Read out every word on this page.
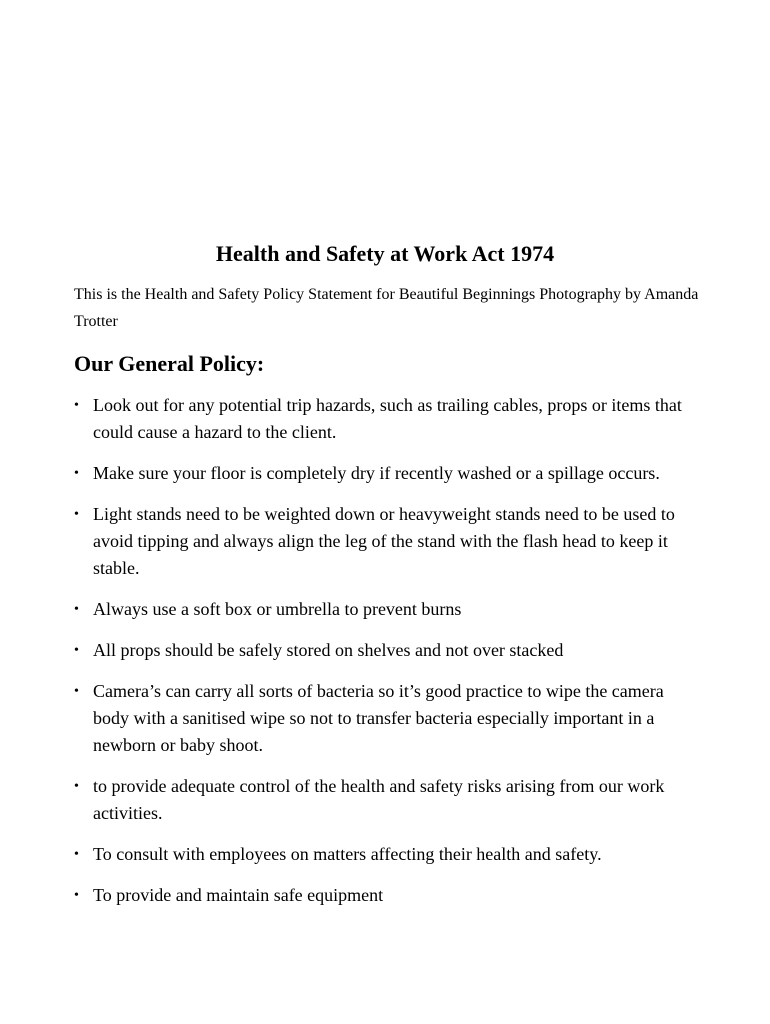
Health and Safety at Work Act 1974

This is the Health and Safety Policy Statement for Beautiful Beginnings Photography by Amanda Trotter

Our General Policy:
• Look out for any potential trip hazards, such as trailing cables, props or items that could cause a hazard to the client.
• Make sure your floor is completely dry if recently washed or a spillage occurs.
• Light stands need to be weighted down or heavyweight stands need to be used to avoid tipping and always align the leg of the stand with the flash head to keep it stable.
• Always use a soft box or umbrella to prevent burns
• All props should be safely stored on shelves and not over stacked
• Camera’s can carry all sorts of bacteria so it’s good practice to wipe the camera body with a sanitised wipe so not to transfer bacteria especially important in a newborn or baby shoot.
• to provide adequate control of the health and safety risks arising from our work activities.
• To consult with employees on matters affecting their health and safety.
• To provide and maintain safe equipment
